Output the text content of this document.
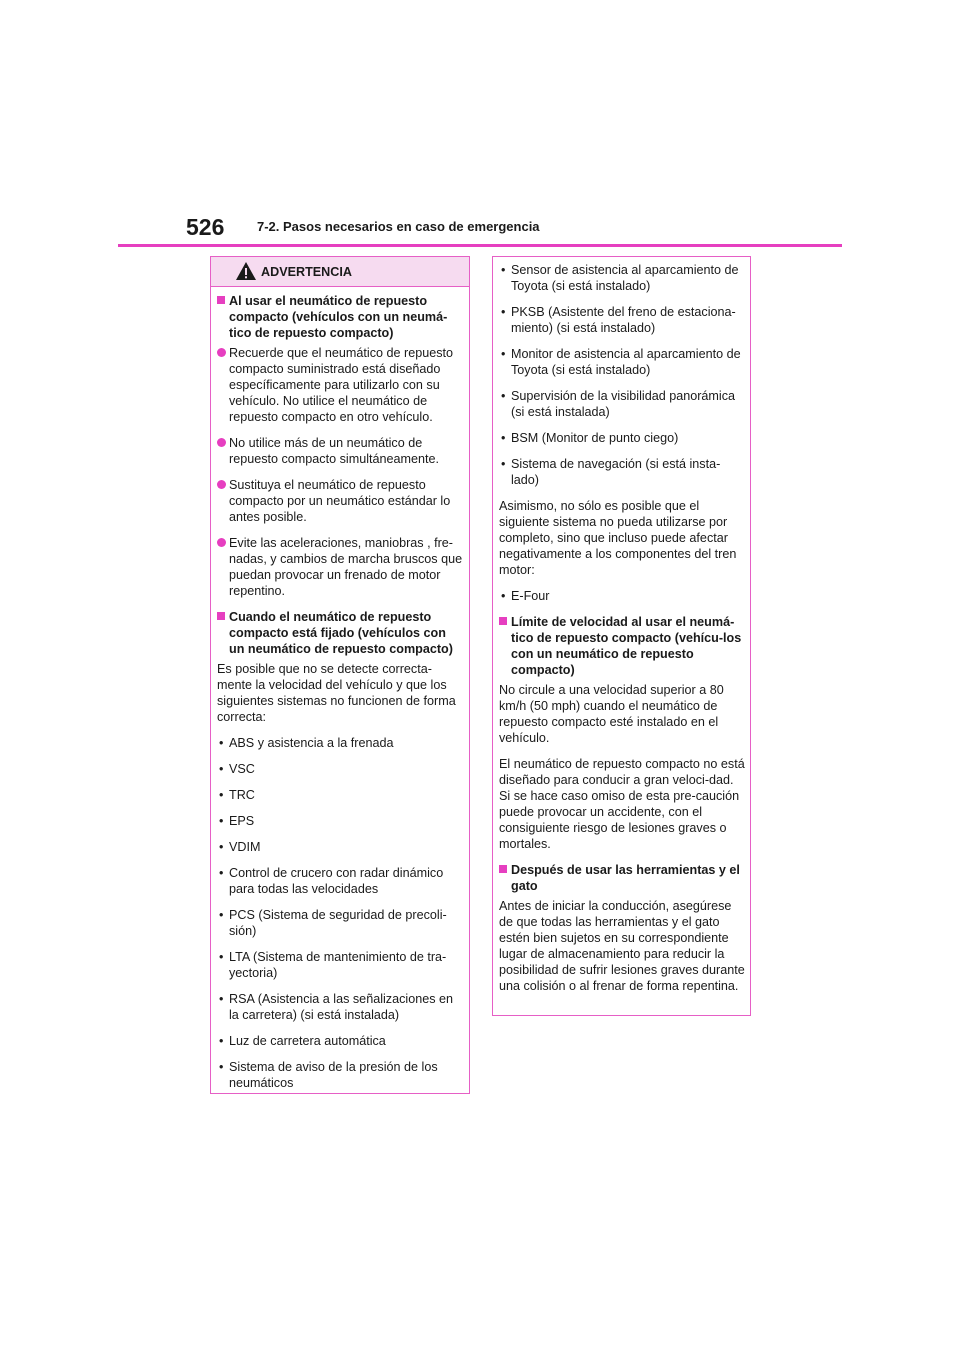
526	7-2. Pasos necesarios en caso de emergencia
ADVERTENCIA
Al usar el neumático de repuesto compacto (vehículos con un neumá-tico de repuesto compacto)
Recuerde que el neumático de repuesto compacto suministrado está diseñado específicamente para utilizarlo con su vehículo. No utilice el neumático de repuesto compacto en otro vehículo.
No utilice más de un neumático de repuesto compacto simultáneamente.
Sustituya el neumático de repuesto compacto por un neumático estándar lo antes posible.
Evite las aceleraciones, maniobras , fre-nadas, y cambios de marcha bruscos que puedan provocar un frenado de motor repentino.
Cuando el neumático de repuesto compacto está fijado (vehículos con un neumático de repuesto compacto)
Es posible que no se detecte correcta-mente la velocidad del vehículo y que los siguientes sistemas no funcionen de forma correcta:
• ABS y asistencia a la frenada
• VSC
• TRC
• EPS
• VDIM
• Control de crucero con radar dinámico para todas las velocidades
• PCS (Sistema de seguridad de precoli-sión)
• LTA (Sistema de mantenimiento de tra-yectoria)
• RSA (Asistencia a las señalizaciones en la carretera) (si está instalada)
• Luz de carretera automática
• Sistema de aviso de la presión de los neumáticos
• Sensor de asistencia al aparcamiento de Toyota (si está instalado)
• PKSB (Asistente del freno de estaciona-miento) (si está instalado)
• Monitor de asistencia al aparcamiento de Toyota (si está instalado)
• Supervisión de la visibilidad panorámica (si está instalada)
• BSM (Monitor de punto ciego)
• Sistema de navegación (si está insta-lado)
Asimismo, no sólo es posible que el siguiente sistema no pueda utilizarse por completo, sino que incluso puede afectar negativamente a los componentes del tren motor:
• E-Four
Límite de velocidad al usar el neumá-tico de repuesto compacto (vehícu-los con un neumático de repuesto compacto)
No circule a una velocidad superior a 80 km/h (50 mph) cuando el neumático de repuesto compacto esté instalado en el vehículo.
El neumático de repuesto compacto no está diseñado para conducir a gran veloci-dad. Si se hace caso omiso de esta pre-caución puede provocar un accidente, con el consiguiente riesgo de lesiones graves o mortales.
Después de usar las herramientas y el gato
Antes de iniciar la conducción, asegúrese de que todas las herramientas y el gato estén bien sujetos en su correspondiente lugar de almacenamiento para reducir la posibilidad de sufrir lesiones graves durante una colisión o al frenar de forma repentina.
